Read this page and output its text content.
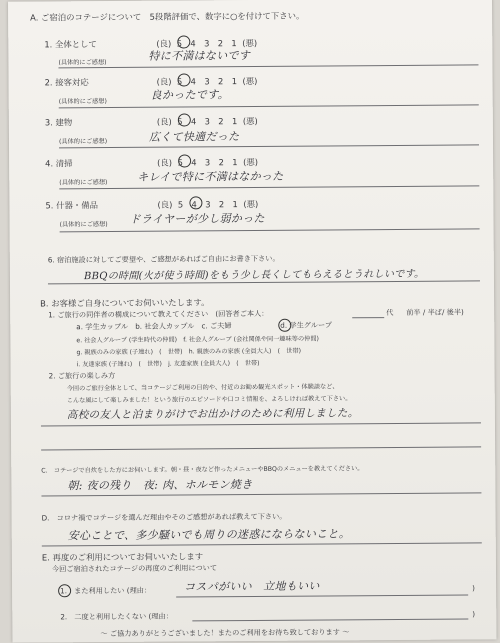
A. ご宿泊のコテージについて　5段階評価で、数字に○を付けて下さい。
1. 全体として	(良) 5 4 3 2 1 (悪)
(具体的にご感想)	特に不満はないです
2. 接客対応	(良) 5 4 3 2 1 (悪)
(具体的にご感想)	良かったです。
3. 建物	(良) 5 4 3 2 1 (悪)
(具体的にご感想)	広くて快適だった
4. 清掃	(良) 5 4 3 2 1 (悪)
(具体的にご感想)	キレイで特に不満はなかった
5. 什器・備品	(良) 5 4 3 2 1 (悪)
(具体的にご感想) ドライヤーが少し弱かった
6. 宿泊施設に対してご要望や、ご感想があればご自由にお書き下さい。
BBQの時間(火が使う時間)をもう少し長くしてもらえるとうれしいです。
B. お客様ご自身についてお伺いいたします。
1. ご旅行の同伴者の構成について教えてください　(回答者ご本人：	代 前半 / 半ば/ 後半)
a. 学生カップル　b. 社会人カップル　c. ご夫婦	d. 学生グループ
e. 社会人グループ (学生時代の仲間)　f. 社会人グループ (会社関係や同一趣味等の仲間)
g. 親族のみの家族 (子連れ)　(　世帯)　h. 親族のみの家族 (全員大人)　(　世帯)
i. 友達家族 (子連れ)　(　世帯)　j. 友達家族 (全員大人)　(　世帯)
2. ご旅行の楽しみ方
今回のご旅行全体として、当コテージご利用の目的や、付近のお勧め観光スポット・体験談など、
こんな風にして楽しみました！という旅行のエピソードや口コミ情報を、よろしければ教えて下さい。
高校の友人と泊まりがけでお出かけのために利用しました。
C.　コテージで自炊をした方にお伺いします。朝・昼・夜など作ったメニューやBBQのメニューを教えてください。
朝: 夜の残り　夜: 肉、ホルモン焼き
D.　コロナ禍でコテージを選んだ理由やそのご感想があれば教えて下さい。
安心ことで、多少騒いでも周りの迷惑にならないこと。
E. 再度のご利用についてお伺いいたします
今回ご宿泊されたコテージの再度のご利用について
1.　また利用したい (理由：	コスパがいい　立地もいい	)
2.　二度と利用したくない (理由：	)
～ ご協力ありがとうございました！またのご利用をお待ち致しております ～
